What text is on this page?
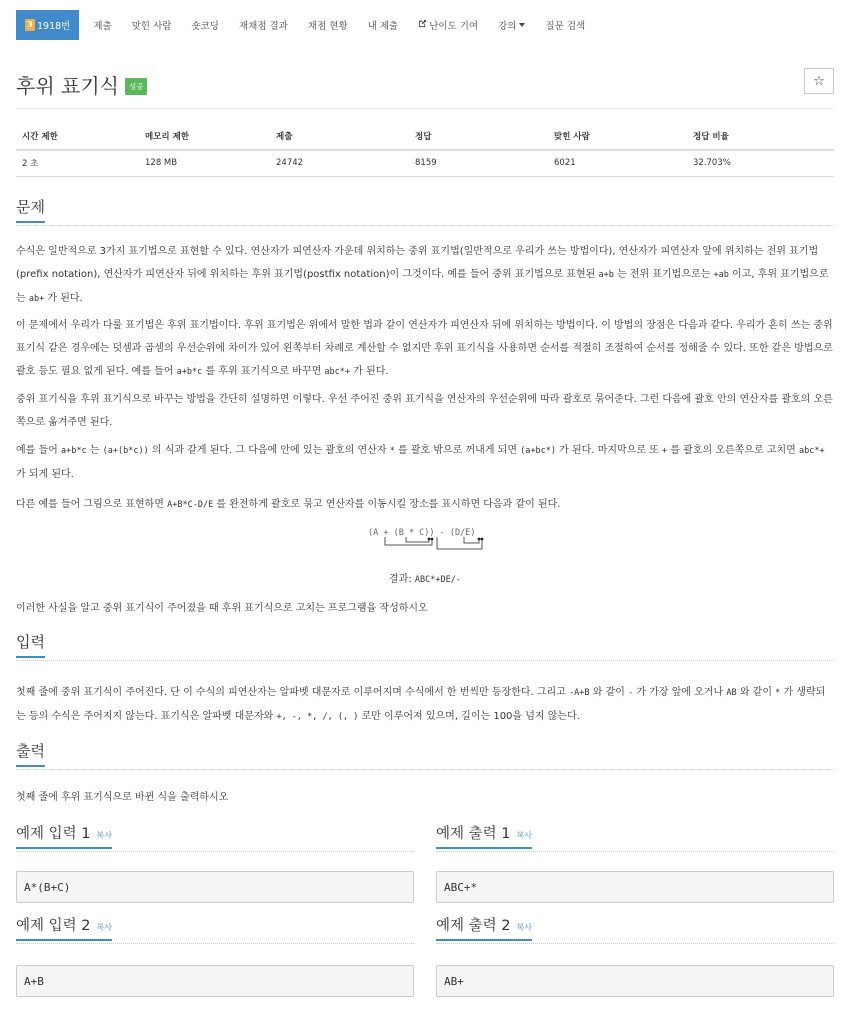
3 1918번	제출	맞힌 사람	숏코딩	재채점 결과	채점 현황	내 제출	난이도 기여 강의	질문 검색
후위 표기식	성공	☆
시간 제한	메모리 제한	제출	정답	맞힌 사람	정답 비율
2 초	128 MB	24742	8159	6021	32.703%
문제
수식은 일반적으로 3가지 표기법으로 표현할 수 있다. 연산자가 피연산자 가운데 위치하는 중위 표기법(일반적으로 우리가 쓰는 방법이다), 연산자가 피연산자 앞에 위치하는 전위 표기법(prefix notation), 연산자가 피연산자 뒤에 위치하는 후위 표기법(postfix notation)이 그것이다. 예를 들어 중위 표기법으로 표현된 a+b 는 전위 표기법으로는 +ab 이고, 후위 표기법으로는 ab+ 가 된다.
이 문제에서 우리가 다룰 표기법은 후위 표기법이다. 후위 표기법은 위에서 말한 법과 같이 연산자가 피연산자 뒤에 위치하는 방법이다. 이 방법의 장점은 다음과 같다. 우리가 흔히 쓰는 중위 표기식 같은 경우에는 덧셈과 곱셈의 우선순위에 차이가 있어 왼쪽부터 차례로 계산할 수 없지만 후위 표기식을 사용하면 순서를 적절히 조절하여 순서를 정해줄 수 있다. 또한 같은 방법으로 괄호 등도 필요 없게 된다. 예를 들어 a+b*c 를 후위 표기식으로 바꾸면 abc*+ 가 된다.
중위 표기식을 후위 표기식으로 바꾸는 방법을 간단히 설명하면 이렇다. 우선 주어진 중위 표기식을 연산자의 우선순위에 따라 괄호로 묶어준다. 그런 다음에 괄호 안의 연산자를 괄호의 오른쪽으로 옮겨주면 된다.
예를 들어 a+b*c 는 (a+(b*c)) 의 식과 같게 된다. 그 다음에 안에 있는 괄호의 연산자 * 를 괄호 밖으로 꺼내게 되면 (a+bc*) 가 된다. 마지막으로 또 + 를 괄호의 오른쪽으로 고치면 abc*+ 가 되게 된다.
다른 예를 들어 그림으로 표현하면 A+B*C-D/E 를 완전하게 괄호로 묶고 연산자를 이동시킬 장소를 표시하면 다음과 같이 된다.
(A + (B * C)) - (D/E)
결과: ABC*+DE/-
이러한 사실을 알고 중위 표기식이 주어졌을 때 후위 표기식으로 고치는 프로그램을 작성하시오
입력
첫째 줄에 중위 표기식이 주어진다. 단 이 수식의 피연산자는 알파벳 대문자로 이루어지며 수식에서 한 번씩만 등장한다. 그리고 -A+B 와 같이 - 가 가장 앞에 오거나 AB 와 같이 * 가 생략되는 등의 수식은 주어지지 않는다. 표기식은 알파벳 대문자와 +, -, *, /, (, ) 로만 이루어져 있으며, 길이는 100을 넘지 않는다.
출력
첫째 줄에 후위 표기식으로 바뀐 식을 출력하시오
예제 입력 1 복사	예제 출력 1 복사
A*(B+C)	ABC+*
예제 입력 2 복사	예제 출력 2 복사
A+B	AB+
